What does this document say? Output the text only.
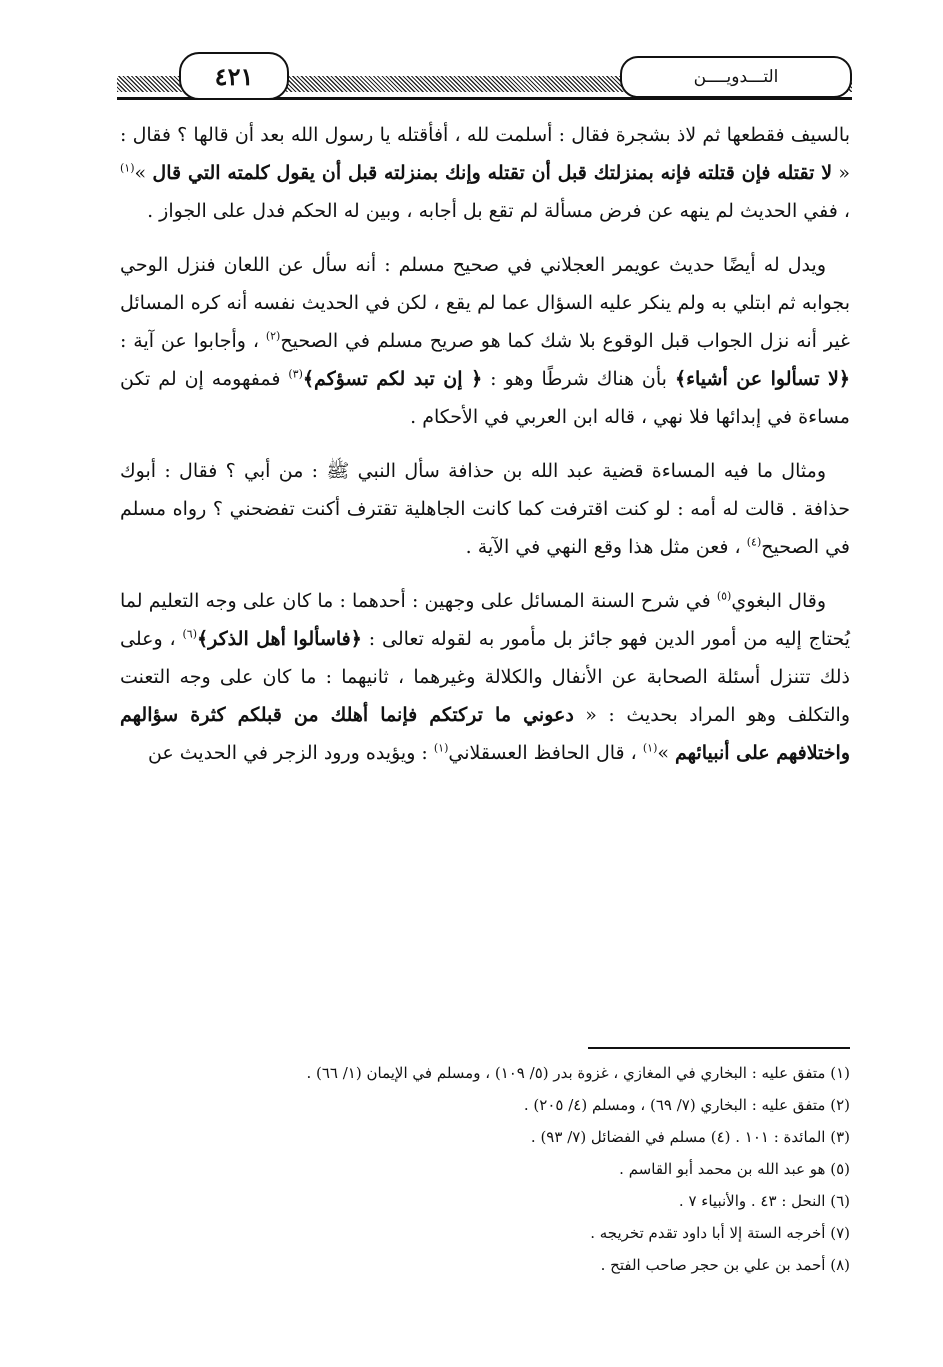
التـــدويــــن
٤٢١

بالسيف فقطعها ثم لاذ بشجرة فقال : أسلمت لله ، أفأقتله يا رسول الله بعد أن قالها ؟ فقال : « لا تقتله فإن قتلته فإنه بمنزلتك قبل أن تقتله وإنك بمنزلته قبل أن يقول كلمته التي قال »$^{(١)}$ ، ففي الحديث لم ينهه عن فرض مسألة لم تقع بل أجابه ، وبين له الحكم فدل على الجواز .

ويدل له أيضًا حديث عويمر العجلاني في صحيح مسلم : أنه سأل عن اللعان فنزل الوحي بجوابه ثم ابتلي به ولم ينكر عليه السؤال عما لم يقع ، لكن في الحديث نفسه أنه كره المسائل غير أنه نزل الجواب قبل الوقوع بلا شك كما هو صريح مسلم في الصحيح$^{(٢)}$ ، وأجابوا عن آية : ﴿لا تسألوا عن أشياء﴾ بأن هناك شرطًا وهو : ﴿ إن تبد لكم تسؤكم﴾$^{(٣)}$ فمفهومه إن لم تكن مساءة في إبدائها فلا نهي ، قاله ابن العربي في الأحكام .

ومثال ما فيه المساءة قضية عبد الله بن حذافة سأل النبي ﷺ : من أبي ؟ فقال : أبوك حذافة . قالت له أمه : لو كنت اقترفت كما كانت الجاهلية تقترف أكنت تفضحني ؟ رواه مسلم في الصحيح$^{(٤)}$ ، فعن مثل هذا وقع النهي في الآية .

وقال البغوي$^{(٥)}$ في شرح السنة المسائل على وجهين : أحدهما : ما كان على وجه التعليم لما يُحتاج إليه من أمور الدين فهو جائز بل مأمور به لقوله تعالى : ﴿فاسألوا أهل الذكر﴾$^{(٦)}$ ، وعلى ذلك تتنزل أسئلة الصحابة عن الأنفال والكلالة وغيرهما ، ثانيهما : ما كان على وجه التعنت والتكلف وهو المراد بحديث : « دعوني ما تركتكم فإنما أهلك من قبلكم كثرة سؤالهم واختلافهم على أنبيائهم »$^{(١)}$ ، قال الحافظ العسقلاني$^{(١)}$ : ويؤيده ورود الزجر في الحديث عن

(١) متفق عليه : البخاري في المغازي ، غزوة بدر (٥/ ١٠٩) ، ومسلم في الإيمان (١/ ٦٦) .

(٢) متفق عليه : البخاري (٧/ ٦٩) ، ومسلم (٤/ ٢٠٥) .

(٣) المائدة : ١٠١ . (٤) مسلم في الفضائل (٧/ ٩٣) .

(٥) هو عبد الله بن محمد أبو القاسم .

(٦) النحل : ٤٣ . والأنبياء ٧ .

(٧) أخرجه الستة إلا أبا داود تقدم تخريجه .

(٨) أحمد بن علي بن حجر صاحب الفتح .
